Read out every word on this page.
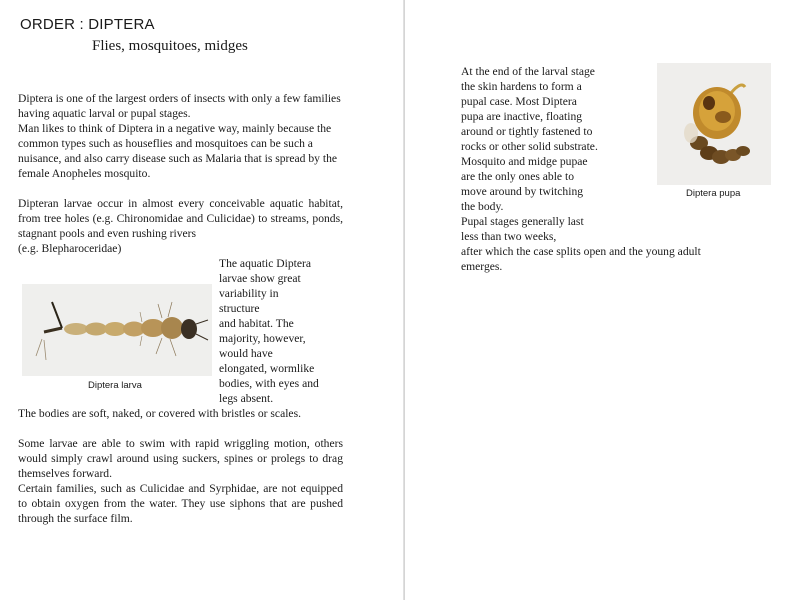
ORDER : DIPTERA
Flies, mosquitoes, midges

Diptera is one of the largest orders of insects with only a few families having aquatic larval or pupal stages.

Man likes to think of Diptera in a negative way, mainly because the common types such as houseflies and mosquitoes can be such a nuisance, and also carry disease such as Malaria that is spread by the female Anopheles mosquito.

Dipteran larvae occur in almost every conceivable aquatic habitat, from tree holes (e.g. Chironomidae and Culicidae) to streams, ponds, stagnant pools and even rushing rivers

(e.g. Blepharoceridae)

Diptera larva
The aquatic Diptera
larvae show great
variability in
structure
and habitat. The
majority, however,
would have
elongated, wormlike
bodies, with eyes and
legs absent.
The bodies are soft, naked, or covered with bristles or scales.

Some larvae are able to swim with rapid wriggling motion, others would simply crawl around using suckers, spines or prolegs to drag themselves forward.

Certain families, such as Culicidae and Syrphidae, are not equipped to obtain oxygen from the water. They use siphons that are pushed through the surface film.

At the end of the larval stage
the skin hardens to form a
pupal case. Most Diptera
pupa are inactive, floating
around or tightly fastened to
rocks or other solid substrate.
Mosquito and midge pupae
are the only ones able to
move around by twitching
the body.
Pupal stages generally last
less than two weeks,
after which the case splits open and the young adult
emerges.
Diptera pupa
